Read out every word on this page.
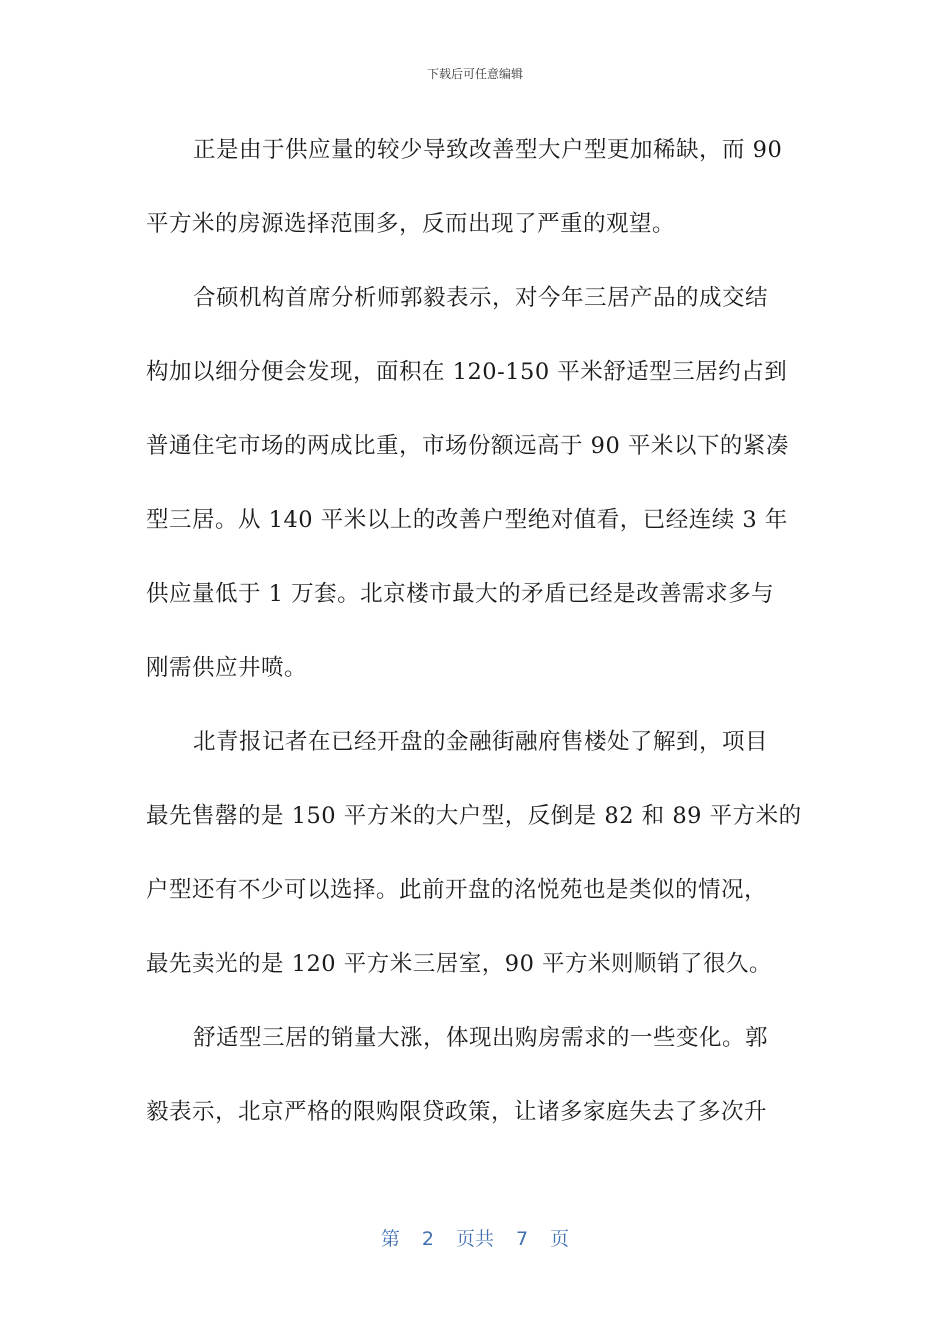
下载后可任意编辑
正是由于供应量的较少导致改善型大户型更加稀缺，而 90
平方米的房源选择范围多，反而出现了严重的观望。
合硕机构首席分析师郭毅表示，对今年三居产品的成交结
构加以细分便会发现，面积在 120-150 平米舒适型三居约占到
普通住宅市场的两成比重，市场份额远高于 90 平米以下的紧凑
型三居。从 140 平米以上的改善户型绝对值看，已经连续 3 年
供应量低于 1 万套。北京楼市最大的矛盾已经是改善需求多与
刚需供应井喷。
北青报记者在已经开盘的金融街融府售楼处了解到，项目
最先售罄的是 150 平方米的大户型，反倒是 82 和 89 平方米的
户型还有不少可以选择。此前开盘的洺悦苑也是类似的情况，
最先卖光的是 120 平方米三居室，90 平方米则顺销了很久。
舒适型三居的销量大涨，体现出购房需求的一些变化。郭
毅表示，北京严格的限购限贷政策，让诸多家庭失去了多次升
第 2 页共 7 页
